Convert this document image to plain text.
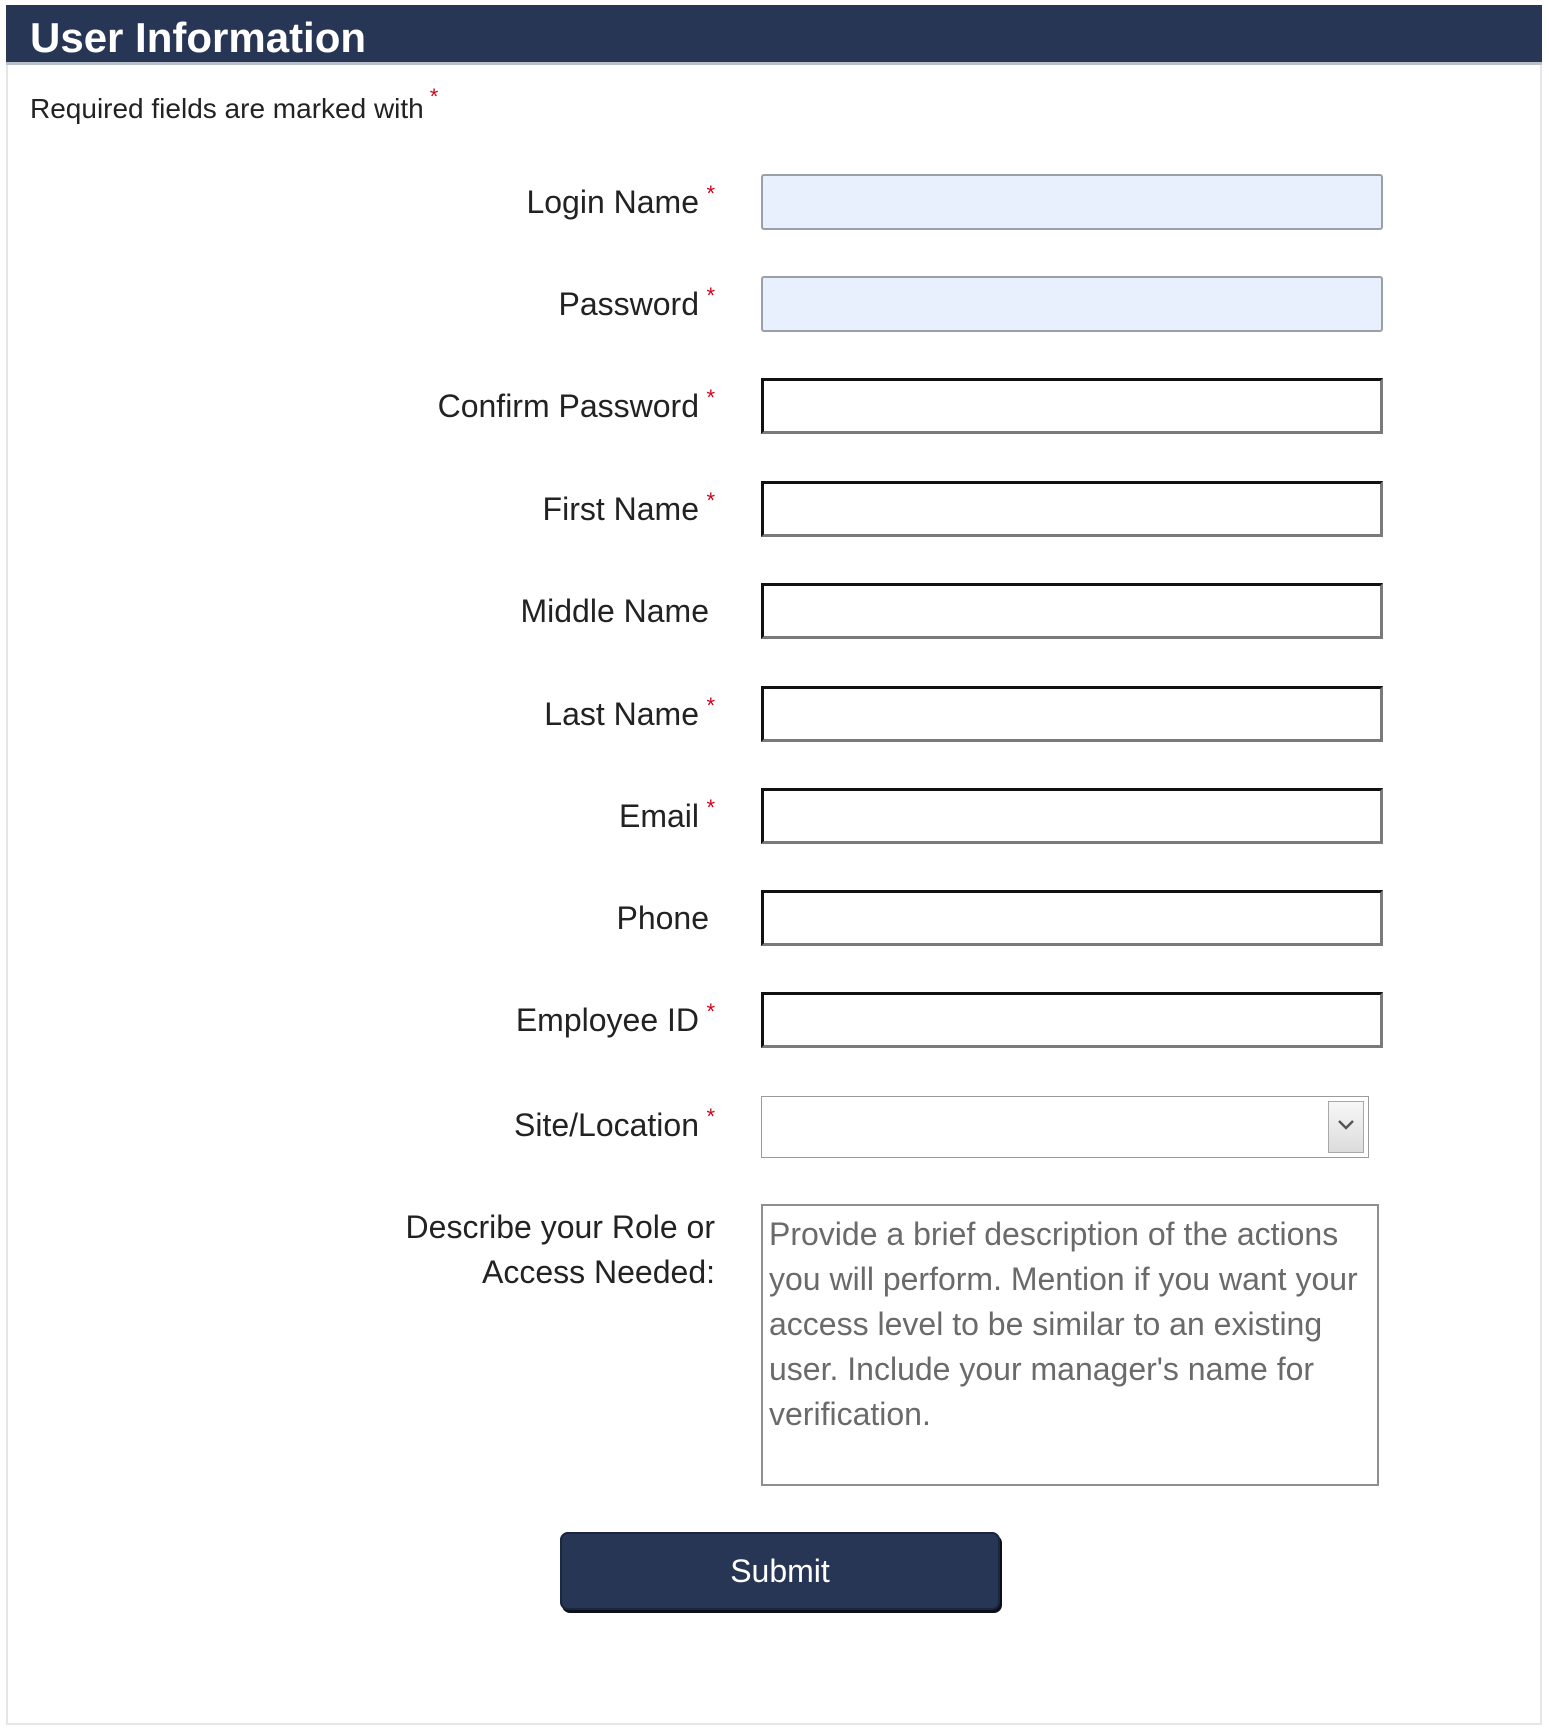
User Information
Required fields are marked with *
Login Name *
Password *
Confirm Password *
First Name *
Middle Name
Last Name *
Email *
Phone
Employee ID *
Site/Location *
Describe your Role or
Access Needed:
Provide a brief description of the actions you will perform. Mention if you want your access level to be similar to an existing user. Include your manager's name for verification.
Submit
